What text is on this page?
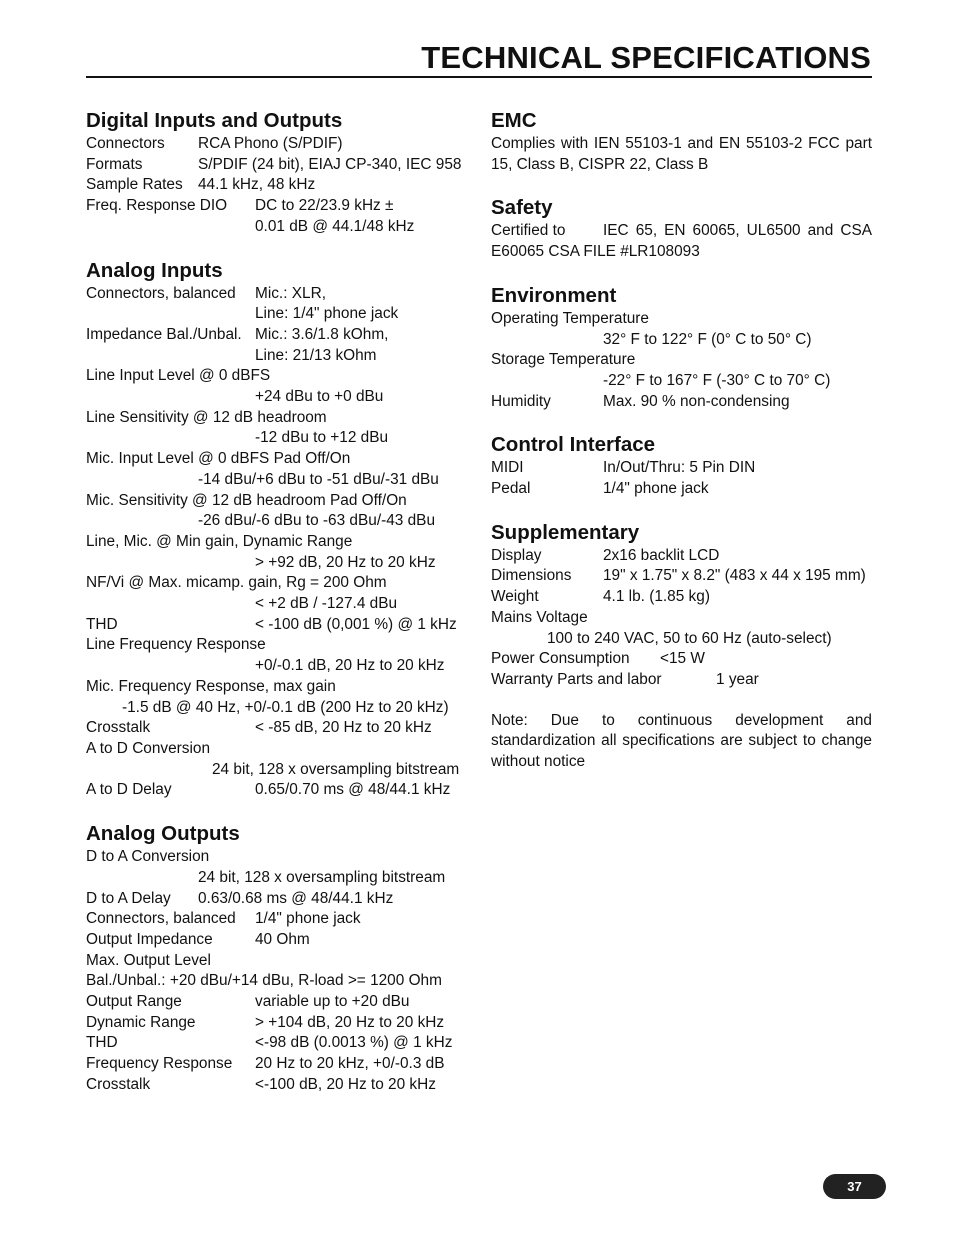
TECHNICAL SPECIFICATIONS
Digital Inputs and Outputs
Connectors RCA Phono (S/PDIF)
Formats	S/PDIF (24 bit), EIAJ CP-340, IEC 958
Sample Rates 44.1 kHz, 48 kHz
Freq. Response DIO DC to 22/23.9 kHz ±
0.01 dB @ 44.1/48 kHz
Analog Inputs
Connectors, balanced Mic.: XLR,
Line: 1/4" phone jack
Impedance Bal./Unbal. Mic.: 3.6/1.8 kOhm,
Line: 21/13 kOhm
Line Input Level @ 0 dBFS
+24 dBu to +0 dBu
Line Sensitivity @ 12 dB headroom
-12 dBu to +12 dBu
Mic. Input Level @ 0 dBFS Pad Off/On
-14 dBu/+6 dBu to -51 dBu/-31 dBu
Mic. Sensitivity @ 12 dB headroom Pad Off/On
-26 dBu/-6 dBu to -63 dBu/-43 dBu
Line, Mic. @ Min gain, Dynamic Range
> +92 dB, 20 Hz to 20 kHz
NF/Vi @ Max. micamp. gain, Rg = 200 Ohm
< +2 dB / -127.4 dBu
THD	< -100 dB (0,001 %) @ 1 kHz
Line Frequency Response
+0/-0.1 dB, 20 Hz to 20 kHz
Mic. Frequency Response, max gain
-1.5 dB @ 40 Hz, +0/-0.1 dB (200 Hz to 20 kHz)
Crosstalk	< -85 dB, 20 Hz to 20 kHz
A to D Conversion
24 bit, 128 x oversampling bitstream
A to D Delay	0.65/0.70 ms @ 48/44.1 kHz
Analog Outputs
D to A Conversion
24 bit, 128 x oversampling bitstream
D to A Delay 0.63/0.68 ms @ 48/44.1 kHz
Connectors, balanced 1/4" phone jack
Output Impedance	40 Ohm
Max. Output Level
Bal./Unbal.: +20 dBu/+14 dBu, R-load >= 1200 Ohm
Output Range	variable up to +20 dBu
Dynamic Range	> +104 dB, 20 Hz to 20 kHz
THD	<-98 dB (0.0013 %) @ 1 kHz
Frequency Response 20 Hz to 20 kHz, +0/-0.3 dB
Crosstalk	<-100 dB, 20 Hz to 20 kHz
EMC

Complies with IEN 55103-1 and EN 55103-2 FCC part 15, Class B, CISPR 22, Class B

Safety
Certified to IEC 65, EN 60065, UL6500 and CSA
E60065 CSA FILE #LR108093
Environment
Operating Temperature
32° F to 122° F (0° C to 50° C)
Storage Temperature
-22° F to 167° F (-30° C to 70° C)
Humidity	Max. 90 % non-condensing
Control Interface
MIDI	In/Out/Thru: 5 Pin DIN
Pedal	1/4" phone jack
Supplementary
Display	2x16 backlit LCD
Dimensions 19" x 1.75" x 8.2" (483 x 44 x 195 mm)
Weight	4.1 lb. (1.85 kg)
Mains Voltage
100 to 240 VAC, 50 to 60 Hz (auto-select)
Power Consumption <15 W
Warranty Parts and labor	1 year

Note: Due to continuous development and standardization all specifications are subject to change without notice

37
